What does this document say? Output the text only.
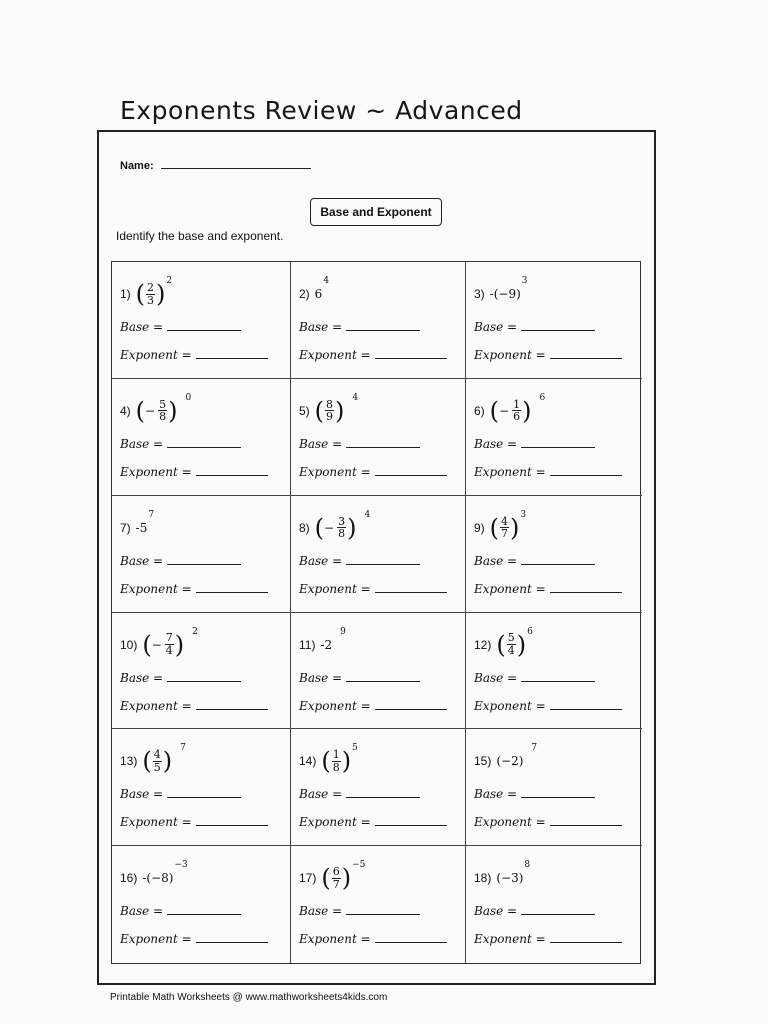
Exponents Review ~ Advanced
Name:
Base and Exponent
Identify the base and exponent.
1) ( $\frac{2}{3}$ ) 2
Base =
Exponent =
2) 6
4
Base =
Exponent =
3) -(−9)
3
Base =
Exponent =
4) ( − $\frac{5}{8}$ ) 0
Base =
Exponent =
5) ( $\frac{8}{9}$ ) 4
Base =
Exponent =
6) ( − $\frac{1}{6}$ ) 6
Base =
Exponent =
7) -5
7
Base =
Exponent =
8) ( − $\frac{3}{8}$ ) 4
Base =
Exponent =
9) ( $\frac{4}{7}$ ) 3
Base =
Exponent =
10) ( − $\frac{7}{4}$ ) 2
Base =
Exponent =
11) -2
9
Base =
Exponent =
12) ( $\frac{5}{4}$ ) 6
Base =
Exponent =
13) ( $\frac{4}{5}$ ) 7
Base =
Exponent =
14) ( $\frac{1}{8}$ ) 5
Base =
Exponent =
15) (−2)
7
Base =
Exponent =
16) -(−8)
−3
Base =
Exponent =
17) ( $\frac{6}{7}$ ) −5
Base =
Exponent =
18) (−3)
8
Base =
Exponent =
Printable Math Worksheets @ www.mathworksheets4kids.com
